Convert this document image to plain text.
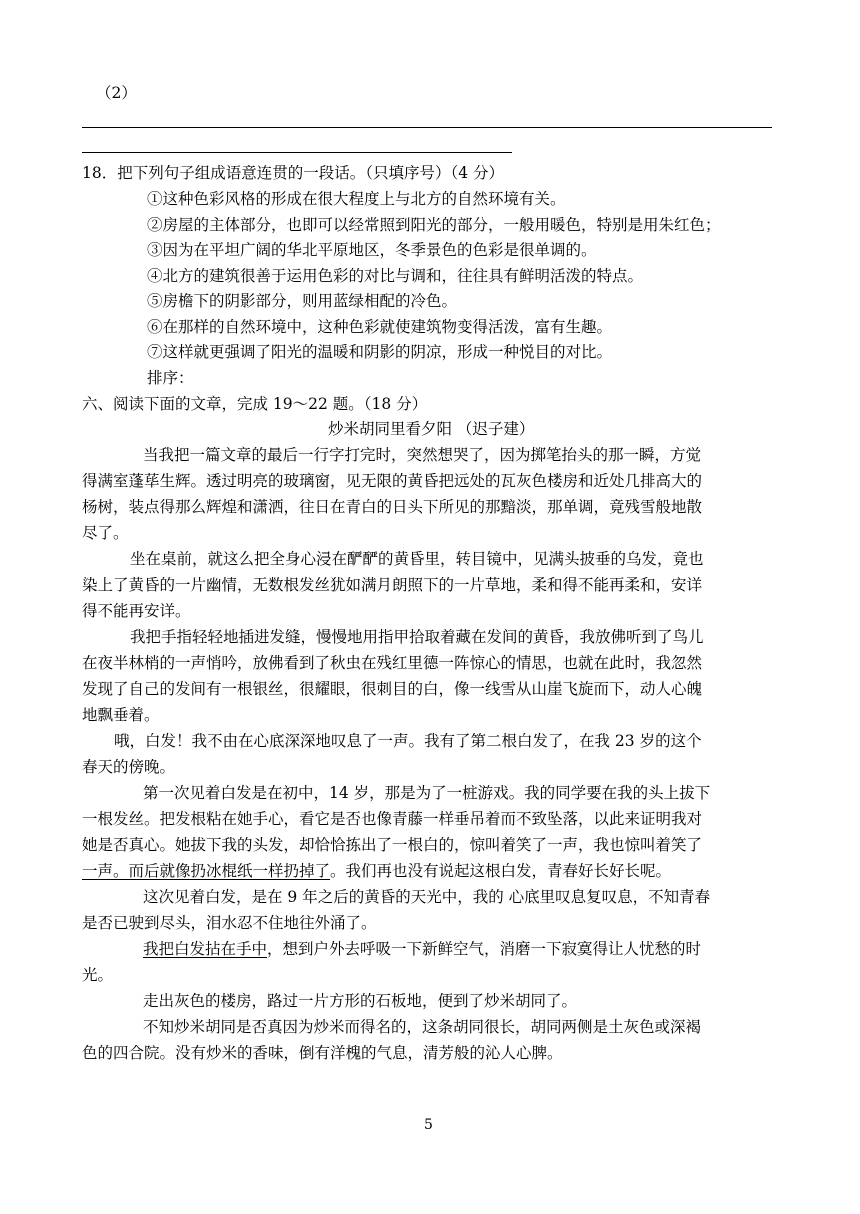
（2）
18．把下列句子组成语意连贯的一段话。（只填序号）（4 分）
①这种色彩风格的形成在很大程度上与北方的自然环境有关。
②房屋的主体部分，也即可以经常照到阳光的部分，一般用暖色，特别是用朱红色；
③因为在平坦广阔的华北平原地区，冬季景色的色彩是很单调的。
④北方的建筑很善于运用色彩的对比与调和，往往具有鲜明活泼的特点。
⑤房檐下的阴影部分，则用蓝绿相配的冷色。
⑥在那样的自然环境中，这种色彩就使建筑物变得活泼，富有生趣。
⑦这样就更强调了阳光的温暖和阴影的阴凉，形成一种悦目的对比。
排序：
六、阅读下面的文章，完成 19～22 题。（18 分）
炒米胡同里看夕阳 （迟子建）
当我把一篇文章的最后一行字打完时，突然想哭了，因为掷笔抬头的那一瞬，方觉
得满室蓬荜生辉。透过明亮的玻璃窗，见无限的黄昏把远处的瓦灰色楼房和近处几排高大的
杨树，装点得那么辉煌和潇洒，往日在青白的日头下所见的那黯淡，那单调，竟残雪般地散
尽了。
坐在桌前，就这么把全身心浸在酽酽的黄昏里，转目镜中，见满头披垂的乌发，竟也
染上了黄昏的一片幽情，无数根发丝犹如满月朗照下的一片草地，柔和得不能再柔和，安详
得不能再安详。
我把手指轻轻地插进发缝，慢慢地用指甲拾取着藏在发间的黄昏，我放佛听到了鸟儿
在夜半林梢的一声悄吟，放佛看到了秋虫在残红里德一阵惊心的情思，也就在此时，我忽然
发现了自己的发间有一根银丝，很耀眼，很刺目的白，像一线雪从山崖飞旋而下，动人心魄
地飘垂着。
哦，白发！我不由在心底深深地叹息了一声。我有了第二根白发了，在我 23 岁的这个
春天的傍晚。
第一次见着白发是在初中，14 岁，那是为了一桩游戏。我的同学要在我的头上拔下
一根发丝。把发根粘在她手心，看它是否也像青藤一样垂吊着而不致坠落，以此来证明我对
她是否真心。她拔下我的头发，却恰恰拣出了一根白的，惊叫着笑了一声，我也惊叫着笑了
一声。而后就像扔冰棍纸一样扔掉了。我们再也没有说起这根白发，青春好长好长呢。
这次见着白发，是在 9 年之后的黄昏的天光中，我的 心底里叹息复叹息，不知青春
是否已驶到尽头，泪水忍不住地往外涌了。
我把白发拈在手中，想到户外去呼吸一下新鲜空气，消磨一下寂寞得让人忧愁的时
光。
走出灰色的楼房，路过一片方形的石板地，便到了炒米胡同了。
不知炒米胡同是否真因为炒米而得名的，这条胡同很长，胡同两侧是土灰色或深褐
色的四合院。没有炒米的香味，倒有洋槐的气息，清芳般的沁人心脾。
5
